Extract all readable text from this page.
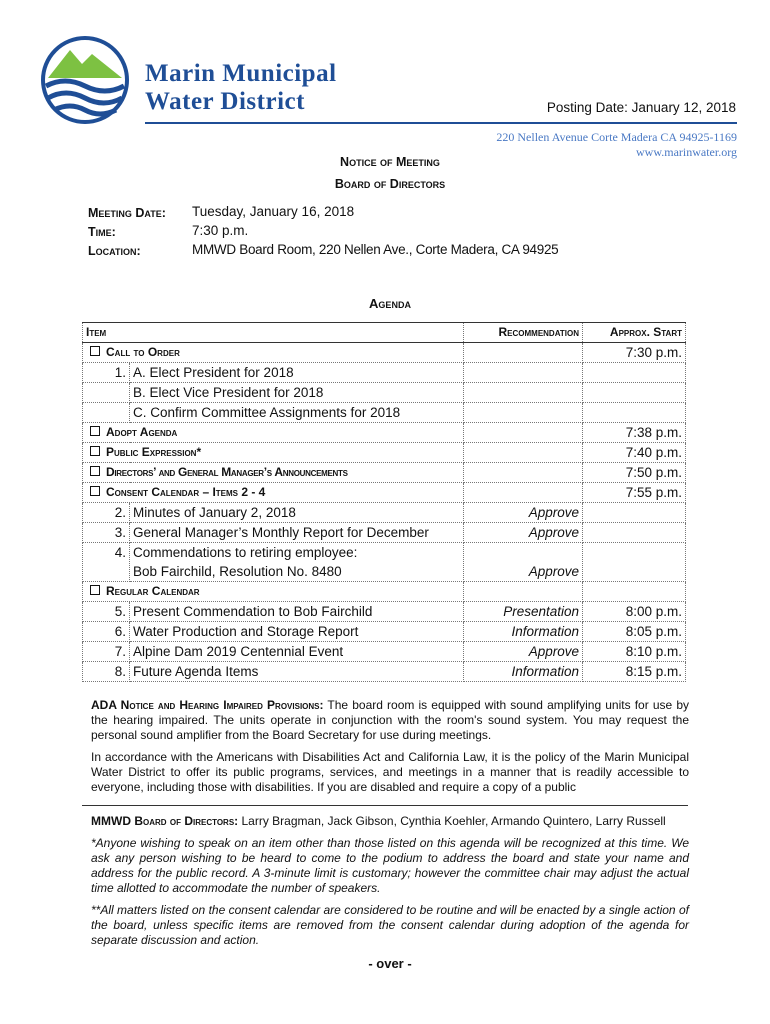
Marin Municipal
Water District	Posting Date: January 12, 2018
220 Nellen Avenue Corte Madera CA 94925-1169
www.marinwater.org
Notice of Meeting
Board of Directors
Meeting Date: Tuesday, January 16, 2018
Time:	7:30 p.m.
Location:	MMWD Board Room, 220 Nellen Ave., Corte Madera, CA 94925
Agenda
Item		Recommendation	Approx. Start
Call to Order			7:30 p.m.
1.	A. Elect President for 2018		
	B. Elect Vice President for 2018		
	C. Confirm Committee Assignments for 2018		
Adopt Agenda			7:38 p.m.
Public Expression*			7:40 p.m.
Directors’ and General Manager’s Announcements			7:50 p.m.
Consent Calendar – Items 2 - 4			7:55 p.m.
2.	Minutes of January 2, 2018	Approve	
3.	General Manager’s Monthly Report for December	Approve	
4.	Commendations to retiring employee:
Bob Fairchild, Resolution No. 8480	Approve	
Regular Calendar			
5.	Present Commendation to Bob Fairchild	Presentation	8:00 p.m.
6.	Water Production and Storage Report	Information	8:05 p.m.
7.	Alpine Dam 2019 Centennial Event	Approve	8:10 p.m.
8.	Future Agenda Items	Information	8:15 p.m.
ADA Notice and Hearing Impaired Provisions: The board room is equipped with sound amplifying units for use by the hearing impaired. The units operate in conjunction with the room's sound system. You may request the personal sound amplifier from the Board Secretary for use during meetings.
In accordance with the Americans with Disabilities Act and California Law, it is the policy of the Marin Municipal Water District to offer its public programs, services, and meetings in a manner that is readily accessible to everyone, including those with disabilities. If you are disabled and require a copy of a public
MMWD Board of Directors: Larry Bragman, Jack Gibson, Cynthia Koehler, Armando Quintero, Larry Russell
*Anyone wishing to speak on an item other than those listed on this agenda will be recognized at this time. We ask any person wishing to be heard to come to the podium to address the board and state your name and address for the public record. A 3-minute limit is customary; however the committee chair may adjust the actual time allotted to accommodate the number of speakers.
**All matters listed on the consent calendar are considered to be routine and will be enacted by a single action of the board, unless specific items are removed from the consent calendar during adoption of the agenda for separate discussion and action.
- over -
